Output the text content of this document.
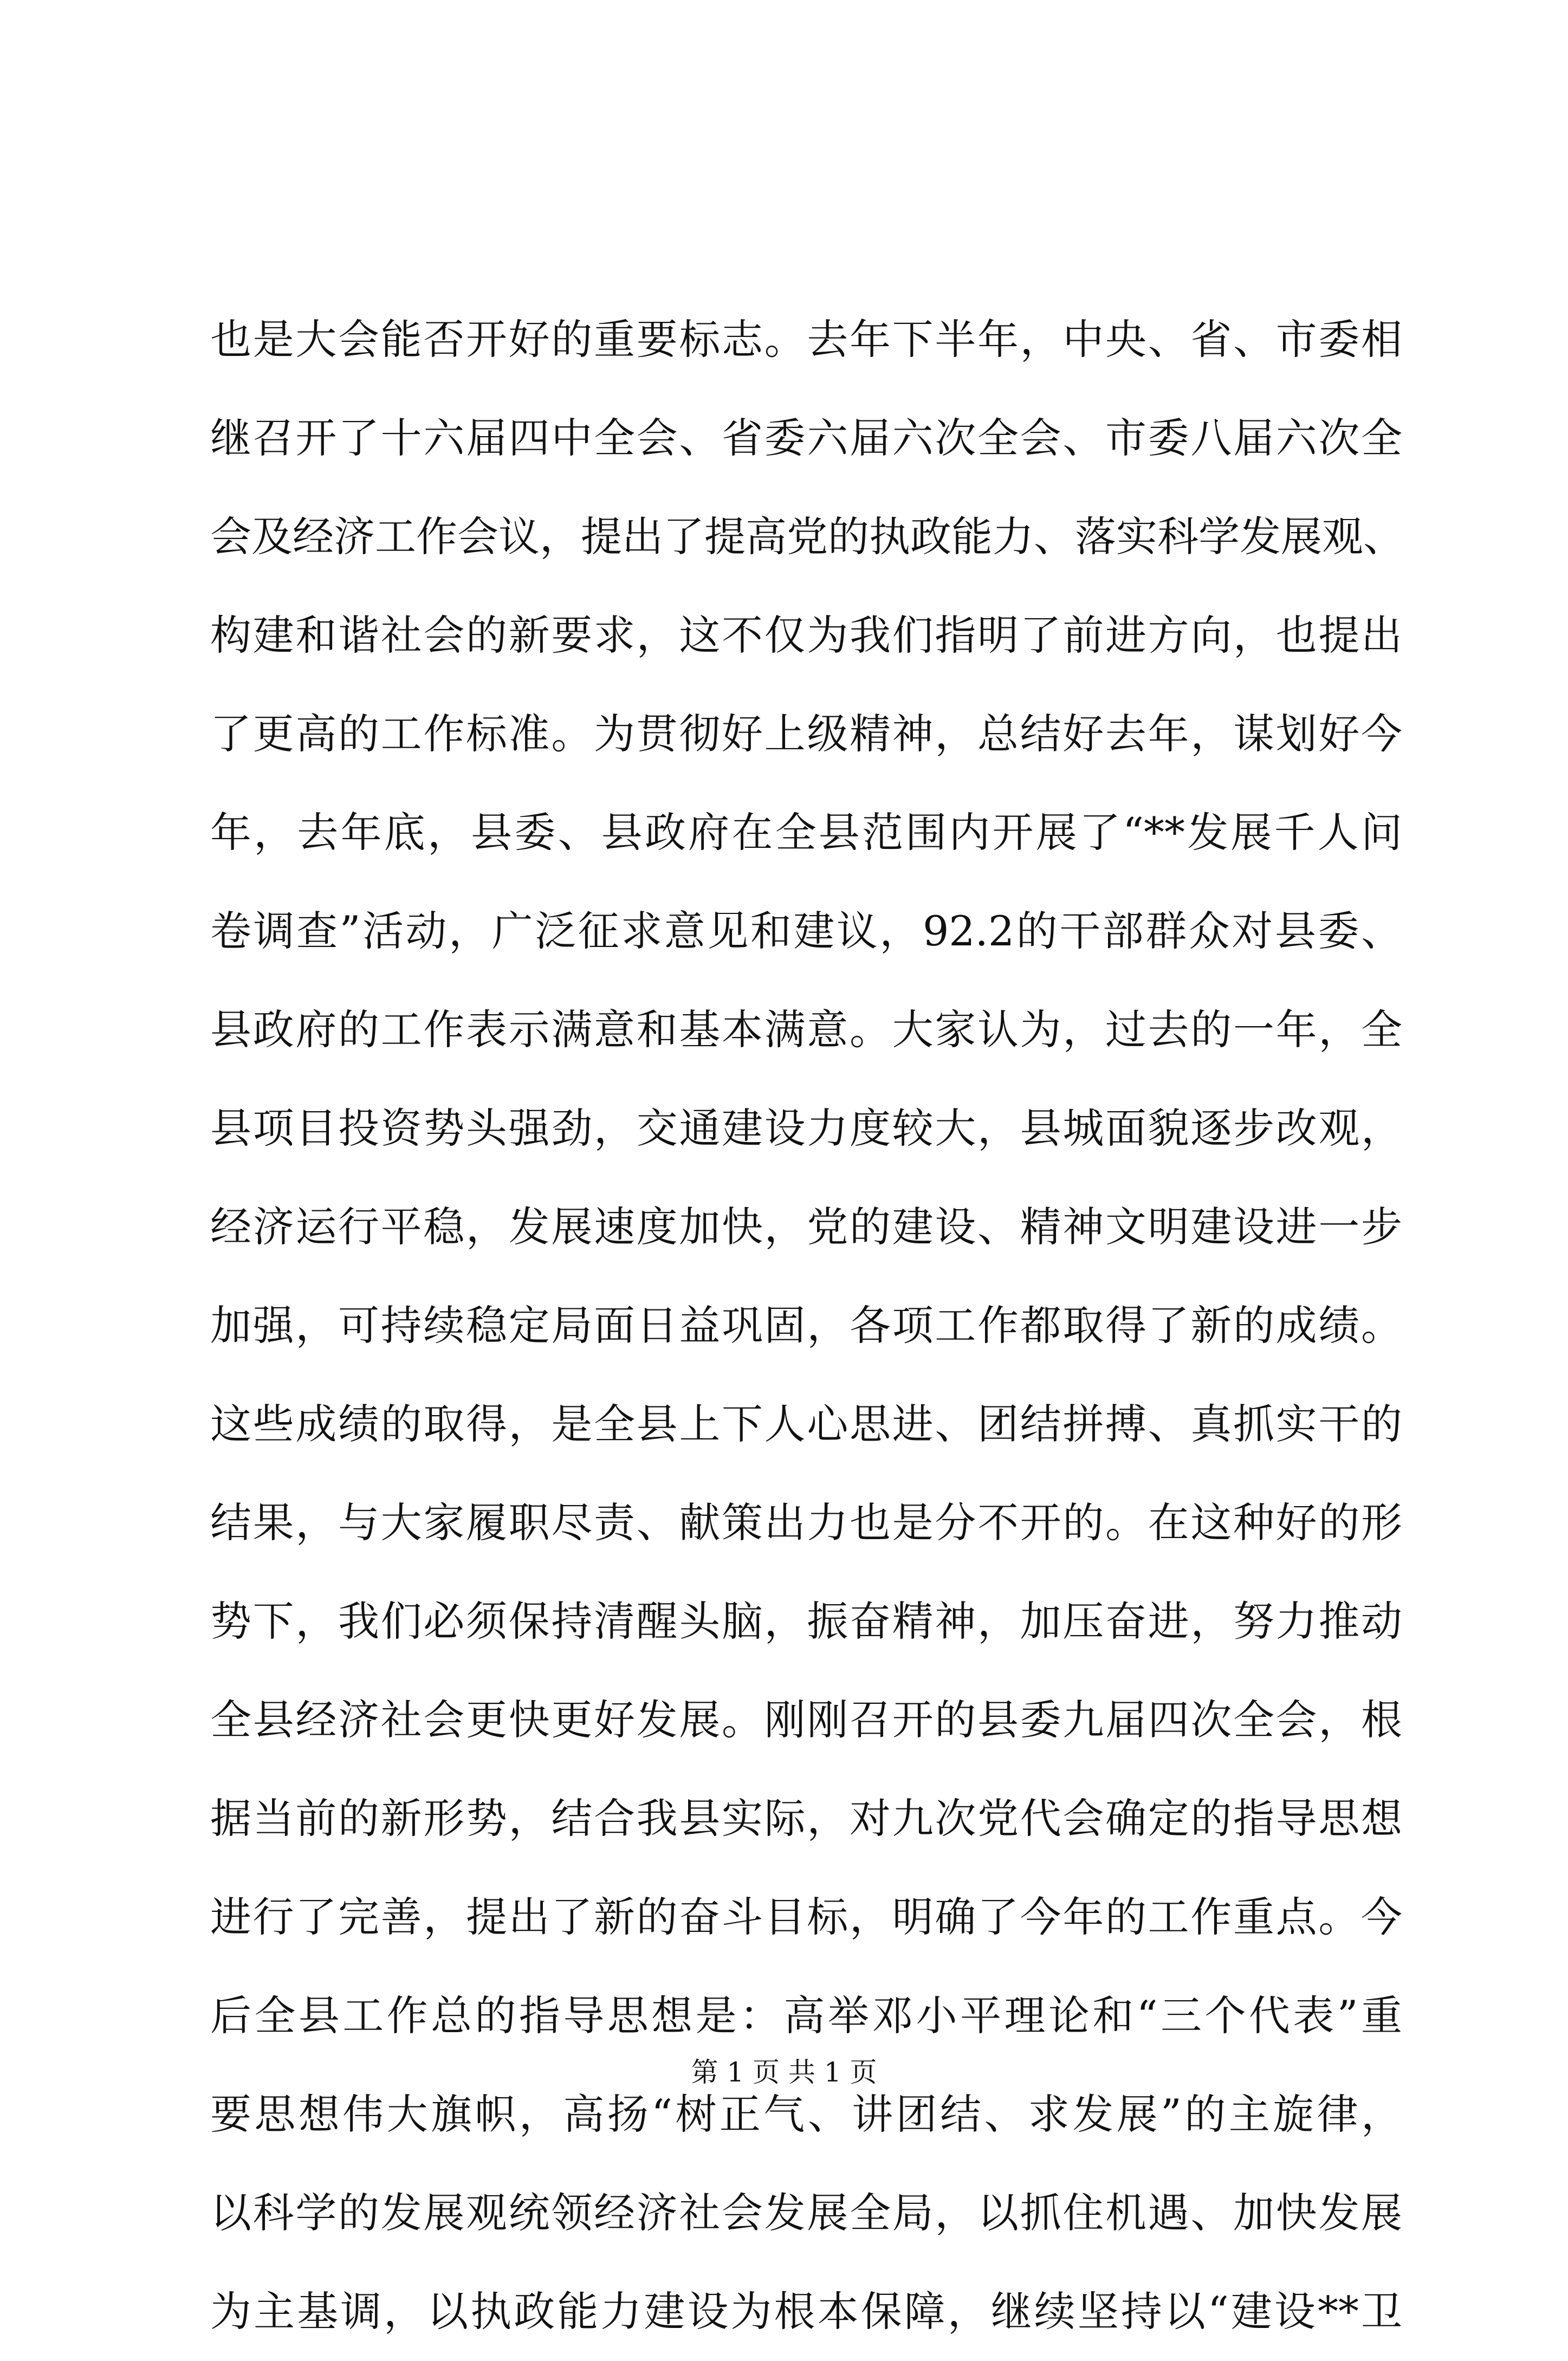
也是大会能否开好的重要标志。去年下半年，中央、省、市委相
继召开了十六届四中全会、省委六届六次全会、市委八届六次全
会及经济工作会议，提出了提高党的执政能力、落实科学发展观、
构建和谐社会的新要求，这不仅为我们指明了前进方向，也提出
了更高的工作标准。为贯彻好上级精神，总结好去年，谋划好今
年，去年底，县委、县政府在全县范围内开展了“**发展千人问
卷调查”活动，广泛征求意见和建议，92.2的干部群众对县委、
县政府的工作表示满意和基本满意。大家认为，过去的一年，全
县项目投资势头强劲，交通建设力度较大，县城面貌逐步改观，
经济运行平稳，发展速度加快，党的建设、精神文明建设进一步
加强，可持续稳定局面日益巩固，各项工作都取得了新的成绩。
这些成绩的取得，是全县上下人心思进、团结拼搏、真抓实干的
结果，与大家履职尽责、献策出力也是分不开的。在这种好的形
势下，我们必须保持清醒头脑，振奋精神，加压奋进，努力推动
全县经济社会更快更好发展。刚刚召开的县委九届四次全会，根
据当前的新形势，结合我县实际，对九次党代会确定的指导思想
进行了完善，提出了新的奋斗目标，明确了今年的工作重点。今
后全县工作总的指导思想是：高举邓小平理论和“三个代表”重
要思想伟大旗帜，高扬“树正气、讲团结、求发展”的主旋律，
以科学的发展观统领经济社会发展全局，以抓住机遇、加快发展
为主基调，以执政能力建设为根本保障，继续坚持以“建设**卫
第 1 页 共 1 页
